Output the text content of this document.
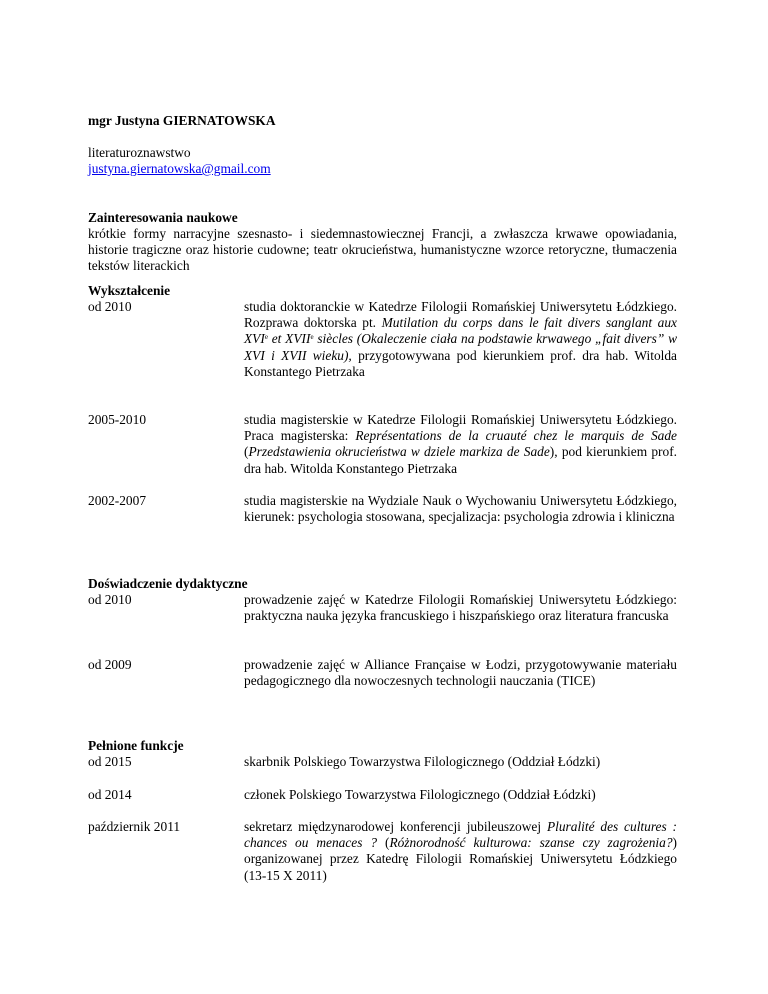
mgr Justyna GIERNATOWSKA
literaturoznawstwo
justyna.giernatowska@gmail.com
Zainteresowania naukowe
krótkie formy narracyjne szesnasto- i siedemnastowiecznej Francji, a zwłaszcza krwawe opowiadania, historie tragiczne oraz historie cudowne; teatr okrucieństwa, humanistyczne wzorce retoryczne, tłumaczenia tekstów literackich
Wykształcenie
od 2010	studia doktoranckie w Katedrze Filologii Romańskiej Uniwersytetu Łódzkiego. Rozprawa doktorska pt. Mutilation du corps dans le fait divers sanglant aux XVIe et XVIIe siècles (Okaleczenie ciała na podstawie krwawego „fait divers” w XVI i XVII wieku), przygotowywana pod kierunkiem prof. dra hab. Witolda Konstantego Pietrzaka
2005-2010	studia magisterskie w Katedrze Filologii Romańskiej Uniwersytetu Łódzkiego. Praca magisterska: Représentations de la cruauté chez le marquis de Sade (Przedstawienia okrucieństwa w dziele markiza de Sade), pod kierunkiem prof. dra hab. Witolda Konstantego Pietrzaka
2002-2007	studia magisterskie na Wydziale Nauk o Wychowaniu Uniwersytetu Łódzkiego, kierunek: psychologia stosowana, specjalizacja: psychologia zdrowia i kliniczna
Doświadczenie dydaktyczne
od 2010	prowadzenie zajęć w Katedrze Filologii Romańskiej Uniwersytetu Łódzkiego: praktyczna nauka języka francuskiego i hiszpańskiego oraz literatura francuska
od 2009	prowadzenie zajęć w Alliance Française w Łodzi, przygotowywanie materiału pedagogicznego dla nowoczesnych technologii nauczania (TICE)
Pełnione funkcje
od 2015	skarbnik Polskiego Towarzystwa Filologicznego (Oddział Łódzki)
od 2014	członek Polskiego Towarzystwa Filologicznego (Oddział Łódzki)
październik 2011	sekretarz międzynarodowej konferencji jubileuszowej Pluralité des cultures : chances ou menaces ? (Różnorodność kulturowa: szanse czy zagrożenia?) organizowanej przez Katedrę Filologii Romańskiej Uniwersytetu Łódzkiego (13-15 X 2011)
